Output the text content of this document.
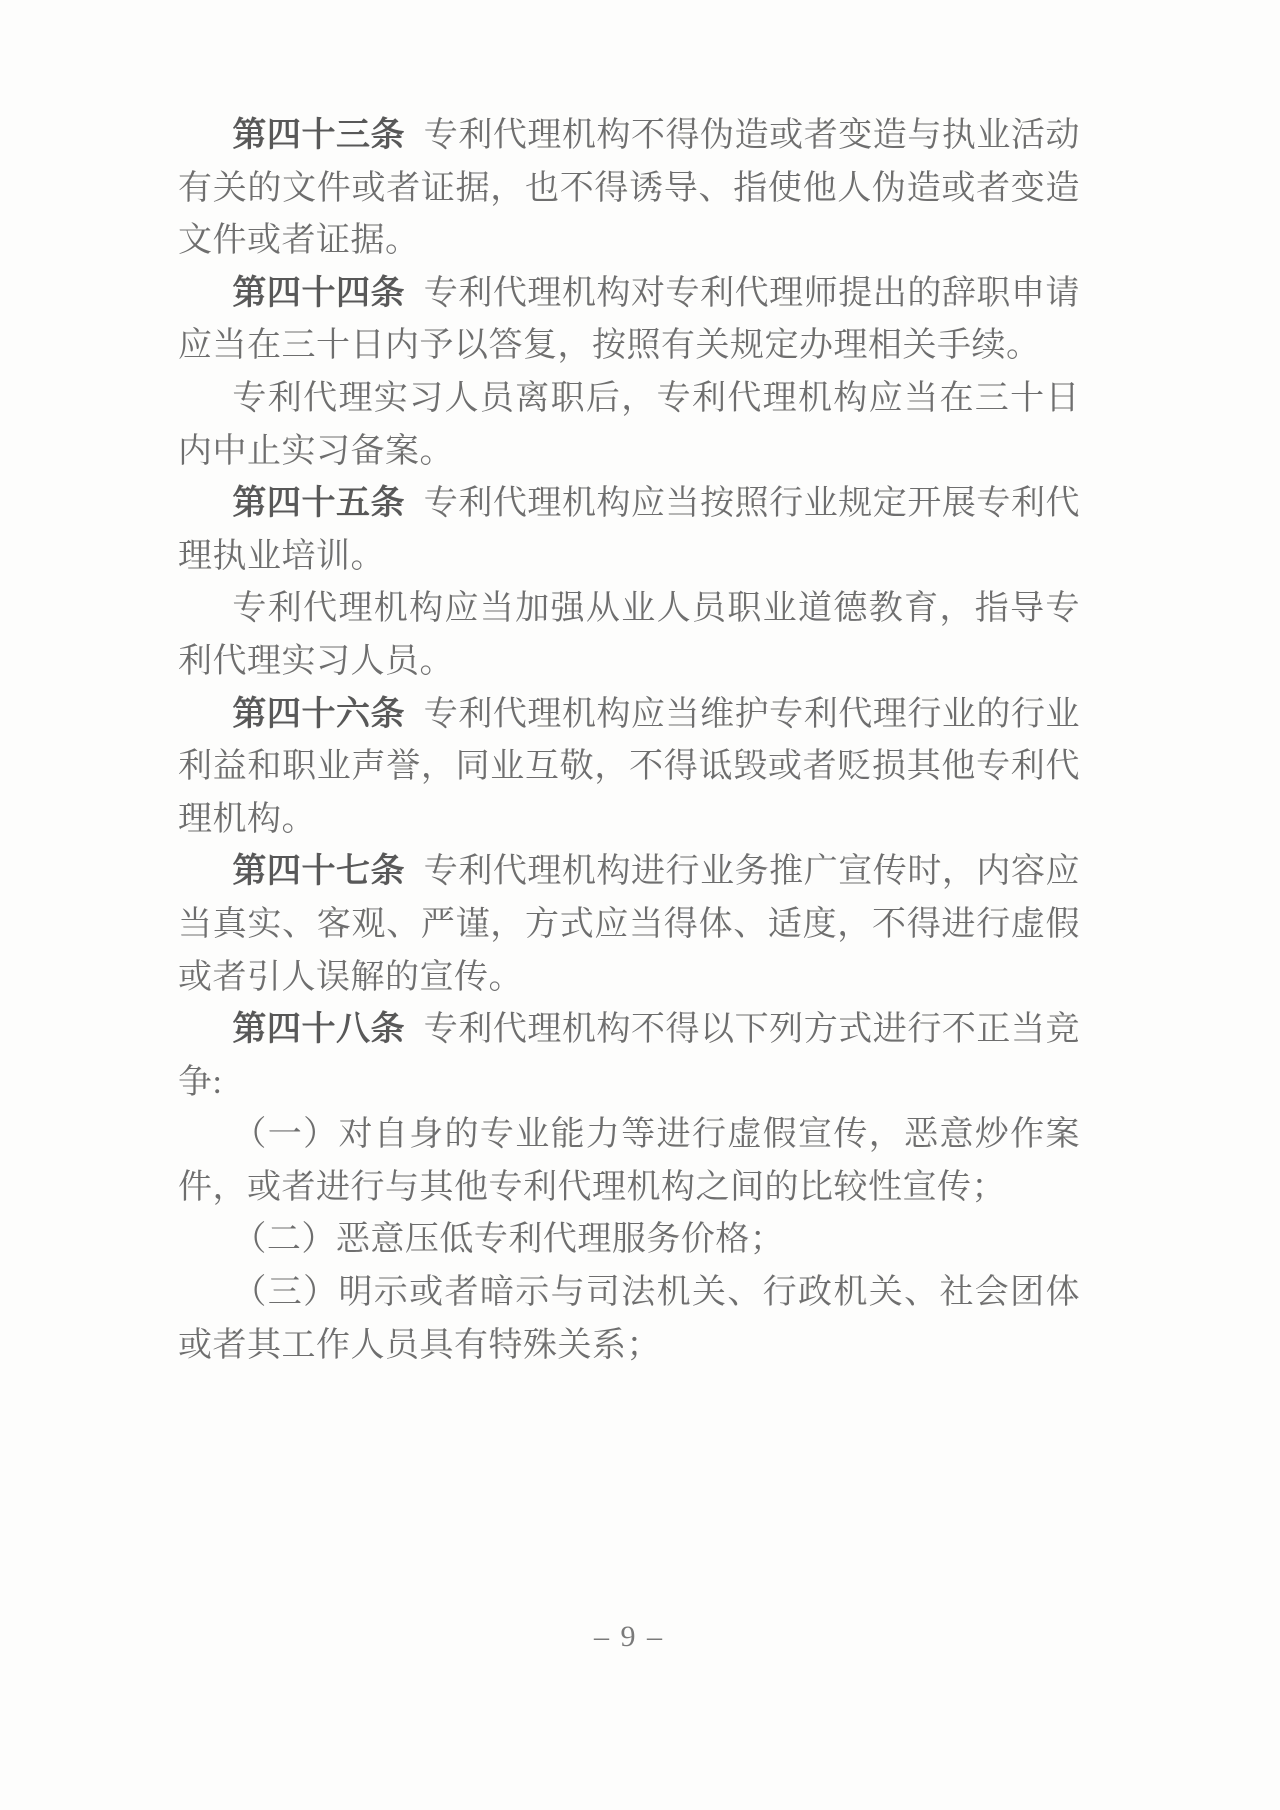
第四十三条 专利代理机构不得伪造或者变造与执业活动有关的文件或者证据，也不得诱导、指使他人伪造或者变造文件或者证据。

第四十四条 专利代理机构对专利代理师提出的辞职申请应当在三十日内予以答复，按照有关规定办理相关手续。

专利代理实习人员离职后，专利代理机构应当在三十日内中止实习备案。

第四十五条 专利代理机构应当按照行业规定开展专利代理执业培训。

专利代理机构应当加强从业人员职业道德教育，指导专利代理实习人员。

第四十六条 专利代理机构应当维护专利代理行业的行业利益和职业声誉，同业互敬，不得诋毁或者贬损其他专利代理机构。

第四十七条 专利代理机构进行业务推广宣传时，内容应当真实、客观、严谨，方式应当得体、适度，不得进行虚假或者引人误解的宣传。

第四十八条 专利代理机构不得以下列方式进行不正当竞争:

（一）对自身的专业能力等进行虚假宣传，恶意炒作案件，或者进行与其他专利代理机构之间的比较性宣传；

（二）恶意压低专利代理服务价格；

（三）明示或者暗示与司法机关、行政机关、社会团体或者其工作人员具有特殊关系；

– 9 –
